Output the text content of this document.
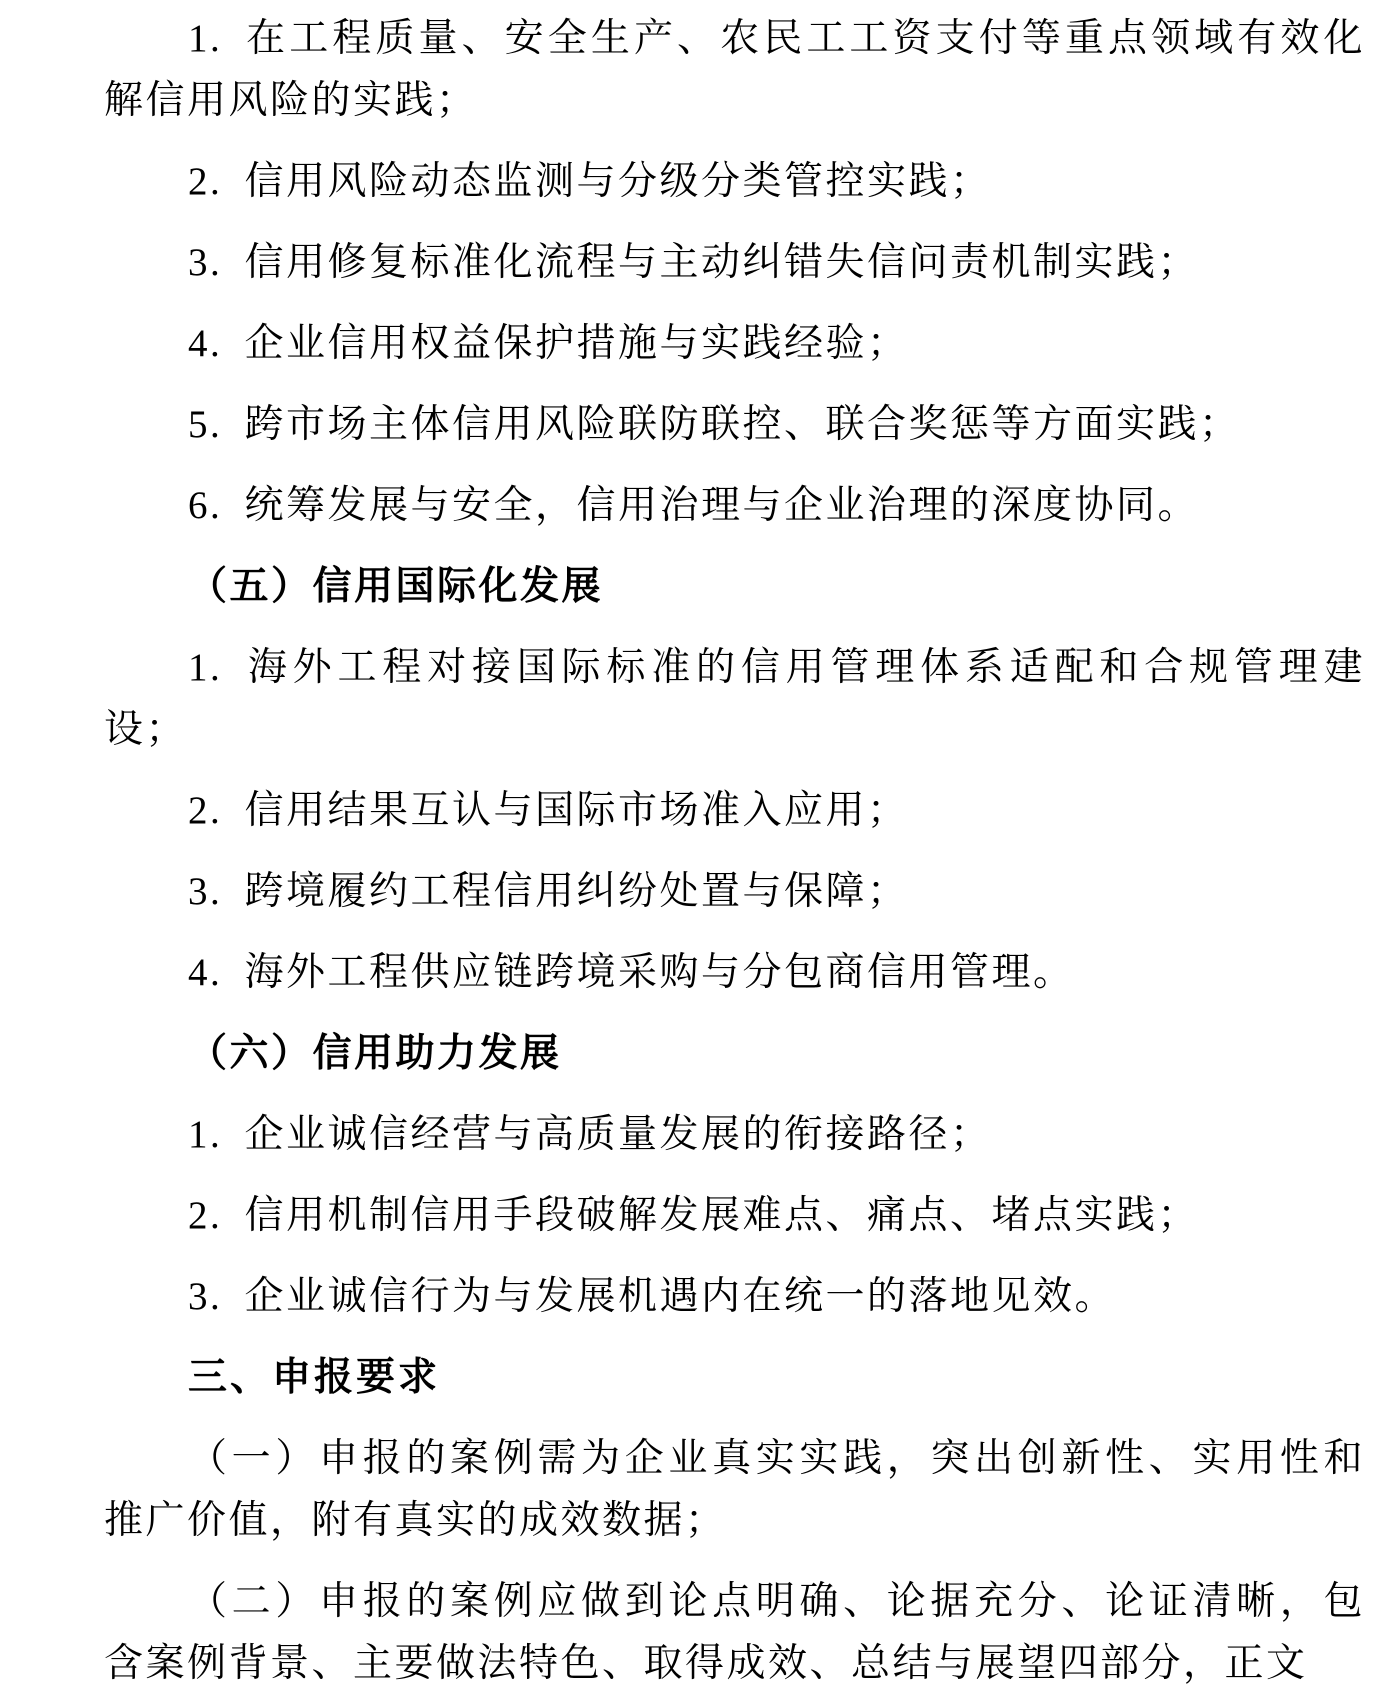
1. 在工程质量、安全生产、农民工工资支付等重点领域有效化

解信用风险的实践；

2. 信用风险动态监测与分级分类管控实践；

3. 信用修复标准化流程与主动纠错失信问责机制实践；

4. 企业信用权益保护措施与实践经验；

5. 跨市场主体信用风险联防联控、联合奖惩等方面实践；

6. 统筹发展与安全，信用治理与企业治理的深度协同。

（五）信用国际化发展

1. 海外工程对接国际标准的信用管理体系适配和合规管理建

设；

2. 信用结果互认与国际市场准入应用；

3. 跨境履约工程信用纠纷处置与保障；

4. 海外工程供应链跨境采购与分包商信用管理。

（六）信用助力发展

1. 企业诚信经营与高质量发展的衔接路径；

2. 信用机制信用手段破解发展难点、痛点、堵点实践；

3. 企业诚信行为与发展机遇内在统一的落地见效。

三、申报要求

（一）申报的案例需为企业真实实践，突出创新性、实用性和

推广价值，附有真实的成效数据；

（二）申报的案例应做到论点明确、论据充分、论证清晰，包

含案例背景、主要做法特色、取得成效、总结与展望四部分，正文
